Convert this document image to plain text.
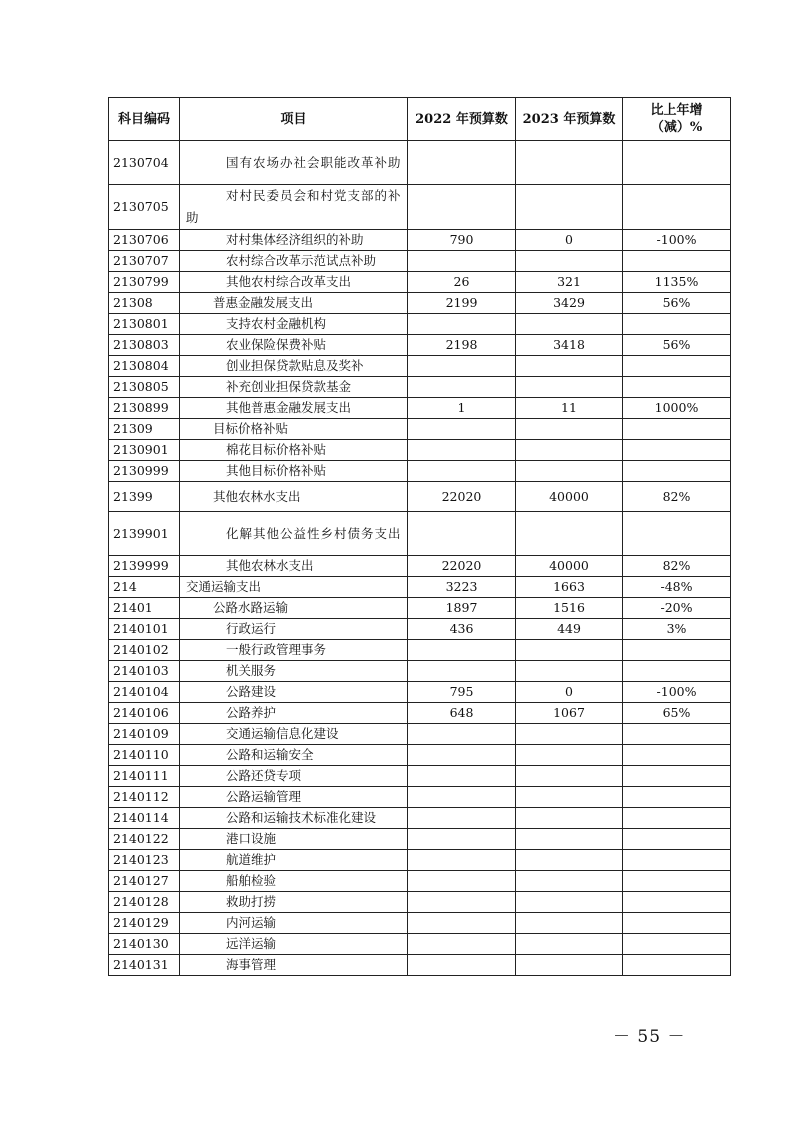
科目编码	项目	2022 年预算数	2023 年预算数	比上年增
（减）%
2130704	国有农场办社会职能改革补助			
2130705	对村民委员会和村党支部的补助			
2130706	对村集体经济组织的补助	790	0	-100%
2130707	农村综合改革示范试点补助			
2130799	其他农村综合改革支出	26	321	1135%
21308	普惠金融发展支出	2199	3429	56%
2130801	支持农村金融机构			
2130803	农业保险保费补贴	2198	3418	56%
2130804	创业担保贷款贴息及奖补			
2130805	补充创业担保贷款基金			
2130899	其他普惠金融发展支出	1	11	1000%
21309	目标价格补贴			
2130901	棉花目标价格补贴			
2130999	其他目标价格补贴			
21399	其他农林水支出	22020	40000	82%
2139901	化解其他公益性乡村债务支出			
2139999	其他农林水支出	22020	40000	82%
214	交通运输支出	3223	1663	-48%
21401	公路水路运输	1897	1516	-20%
2140101	行政运行	436	449	3%
2140102	一般行政管理事务			
2140103	机关服务			
2140104	公路建设	795	0	-100%
2140106	公路养护	648	1067	65%
2140109	交通运输信息化建设			
2140110	公路和运输安全			
2140111	公路还贷专项			
2140112	公路运输管理			
2140114	公路和运输技术标准化建设			
2140122	港口设施			
2140123	航道维护			
2140127	船舶检验			
2140128	救助打捞			
2140129	内河运输			
2140130	远洋运输			
2140131	海事管理			
－ 55 －
